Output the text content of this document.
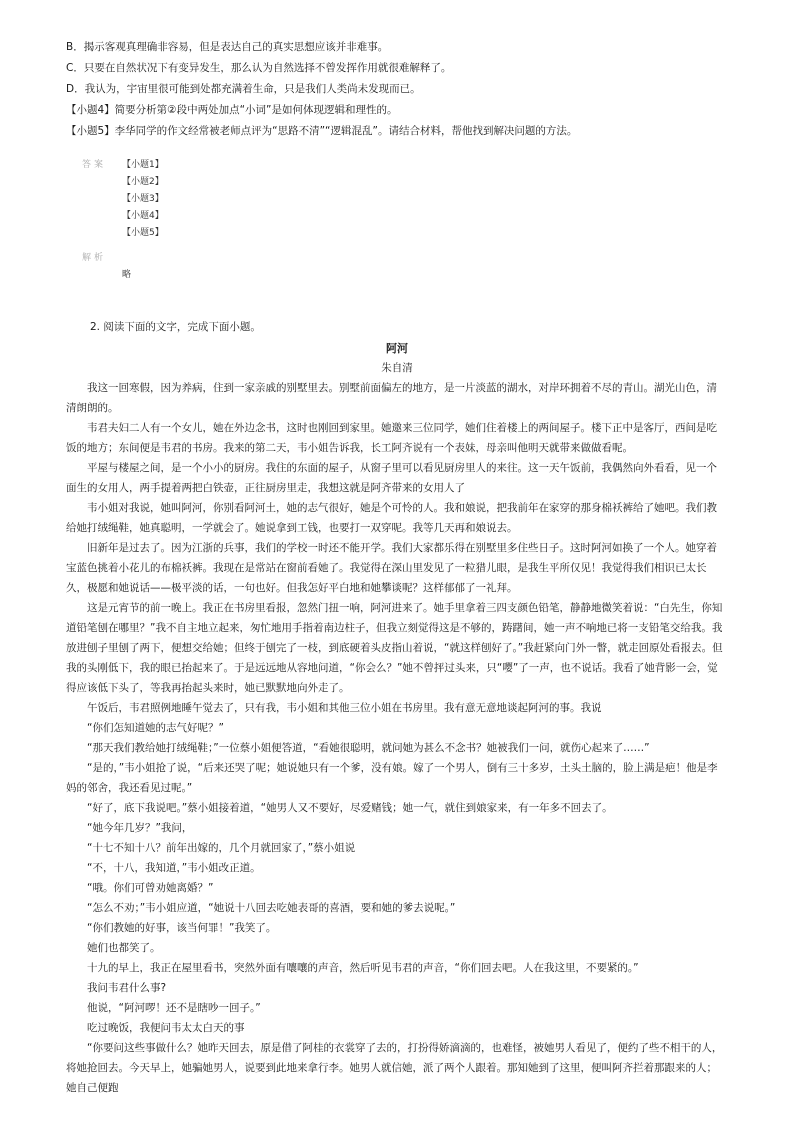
B．揭示客观真理确非容易，但是表达自己的真实思想应该并非难事。
C．只要在自然状况下有变异发生，那么认为自然选择不曾发挥作用就很难解释了。
D．我认为，宇宙里很可能到处都充满着生命，只是我们人类尚未发现而已。
【小题4】简要分析第②段中两处加点“小词”是如何体现逻辑和理性的。
【小题5】李华同学的作文经常被老师点评为“思路不清”“逻辑混乱”。请结合材料，帮他找到解决问题的方法。
答案 【小题1】
【小题2】
【小题3】
【小题4】
【小题5】
解析
略
2. 阅读下面的文字，完成下面小题。
阿河
朱自清
我这一回寒假，因为养病，住到一家亲戚的别墅里去。别墅前面偏左的地方，是一片淡蓝的湖水，对岸环拥着不尽的青山。湖光山色，清清朗朗的。
韦君夫妇二人有一个女儿，她在外边念书，这时也刚回到家里。她邀来三位同学，她们住着楼上的两间屋子。楼下正中是客厅，西间是吃饭的地方；东间便是韦君的书房。我来的第二天，韦小姐告诉我，长工阿齐说有一个表妹，母亲叫他明天就带来做做看呢。
平屋与楼屋之间，是一个小小的厨房。我住的东面的屋子，从窗子里可以看见厨房里人的来往。这一天午饭前，我偶然向外看看，见一个面生的女用人，两手提着两把白铁壶，正往厨房里走，我想这就是阿齐带来的女用人了
韦小姐对我说，她叫阿河，你别看阿河土，她的志气很好，她是个可怜的人。我和娘说，把我前年在家穿的那身棉袄裤给了她吧。我们教给她打绒绳鞋，她真聪明，一学就会了。她说拿到工钱，也要打一双穿呢。我等几天再和娘说去。
旧新年是过去了。因为江浙的兵事，我们的学校一时还不能开学。我们大家都乐得在别墅里多住些日子。这时阿河如换了一个人。她穿着宝蓝色挑着小花儿的布棉袄裤。我现在是常站在窗前看她了。我觉得在深山里发见了一粒猎儿眼，是我生平所仅见！我觉得我们相识已太长久，极愿和她说话——极平淡的话，一句也好。但我怎好平白地和她攀谈呢？这样郁郁了一礼拜。
这是元宵节的前一晚上。我正在书房里看报，忽然门扭一响，阿河进来了。她手里拿着三四支颜色铅笔，静静地微笑着说：“白先生，你知道铅笔刨在哪里？”我不自主地立起来，匆忙地用手指着南边柱子，但我立刻觉得这是不够的，踌躇间，她一声不响地已将一支铅笔交给我。我放进刨子里刨了两下，便想交给她；但终于刨完了一枝，到底硬着头皮指山着说，“就这样刨好了。”我赶紧向门外一瞥，就走回原处看报去。但我的头刚低下，我的眼已抬起来了。于是远远地从容地问道，“你会么？”她不曾抨过头来，只“嘤”了一声，也不说话。我看了她背影一会，觉得应该低下头了，等我再抬起头来时，她已默默地向外走了。
午饭后，韦君照例地睡午觉去了，只有我，韦小姐和其他三位小姐在书房里。我有意无意地谈起阿河的事。我说
“你们怎知道她的志气好呢？”
“那天我们教给她打绒绳鞋；”一位蔡小姐便答道，“看她很聪明，就问她为甚么不念书？她被我们一问，就伤心起来了……”
“是的，”韦小姐抢了说，“后来还哭了呢；她说她只有一个爹，没有娘。嫁了一个男人，倒有三十多岁，土头土脑的，脸上满是疤！他是李妈的邻舍，我还看见过呢。”
“好了，底下我说吧。”蔡小姐接着道，“她男人又不要好，尽爱赌钱；她一气，就住到娘家来，有一年多不回去了。
“她今年几岁？”我问，
“十七不知十八？前年出嫁的，几个月就回家了，”蔡小姐说
“不，十八，我知道，”韦小姐改正道。
“哦。你们可曾劝她离婚？”
“怎么不劝；”韦小姐应道，“她说十八回去吃她表哥的喜酒，要和她的爹去说呢。”
“你们教她的好事，该当何罪！”我笑了。
她们也都笑了。
十九的早上，我正在屋里看书，突然外面有嚷嚷的声音，然后听见韦君的声音，“你们回去吧。人在我这里，不要紧的。”
我问韦君什么事?
他说，“阿河啰！还不是瞎吵一回子。”
吃过晚饭，我便问韦太太白天的事
“你要问这些事做什么？她昨天回去，原是借了阿桂的衣裳穿了去的，打扮得娇滴滴的，也难怪，被她男人看见了，便约了些不相干的人，将她抢回去。今天早上，她骗她男人，说要到此地来拿行李。她男人就信她，派了两个人跟着。那知她到了这里，便叫阿齐拦着那跟来的人；她自己便跑
